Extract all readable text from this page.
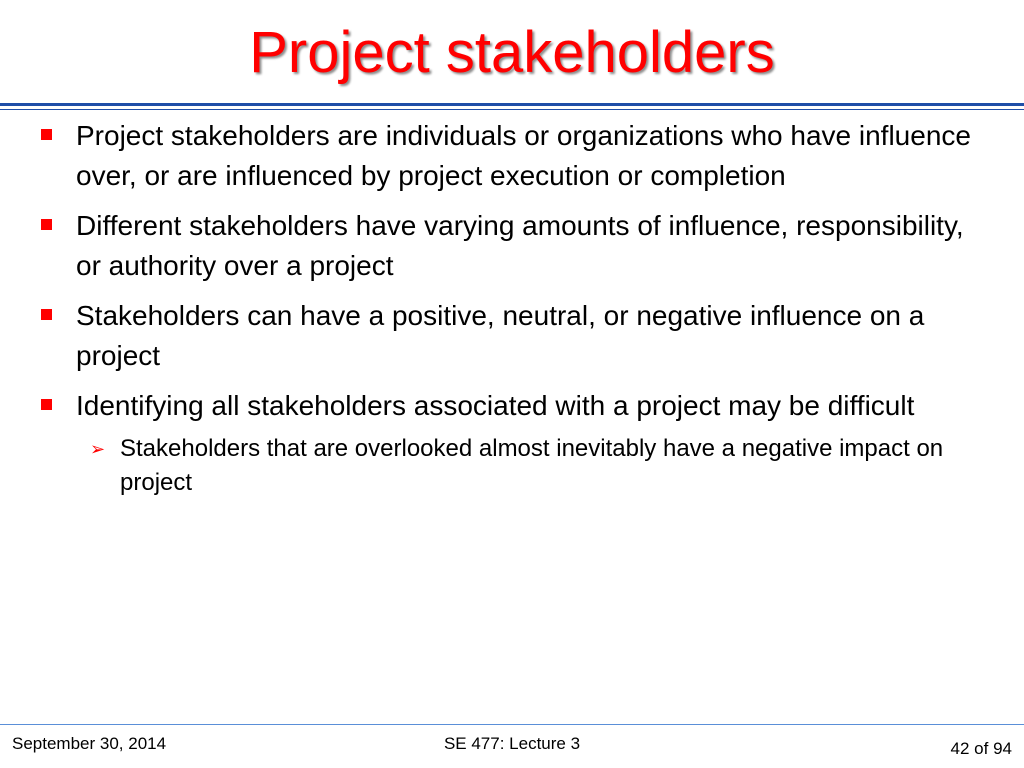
Project stakeholders
Project stakeholders are individuals or organizations who have influence over, or are influenced by project execution or completion
Different stakeholders have varying amounts of influence, responsibility, or authority over a project
Stakeholders can have a positive, neutral, or negative influence on a project
Identifying all stakeholders associated with a project may be difficult
➢ Stakeholders that are overlooked almost inevitably have a negative impact on project
SE 477: Lecture 3
September 30, 2014	42 of 94
